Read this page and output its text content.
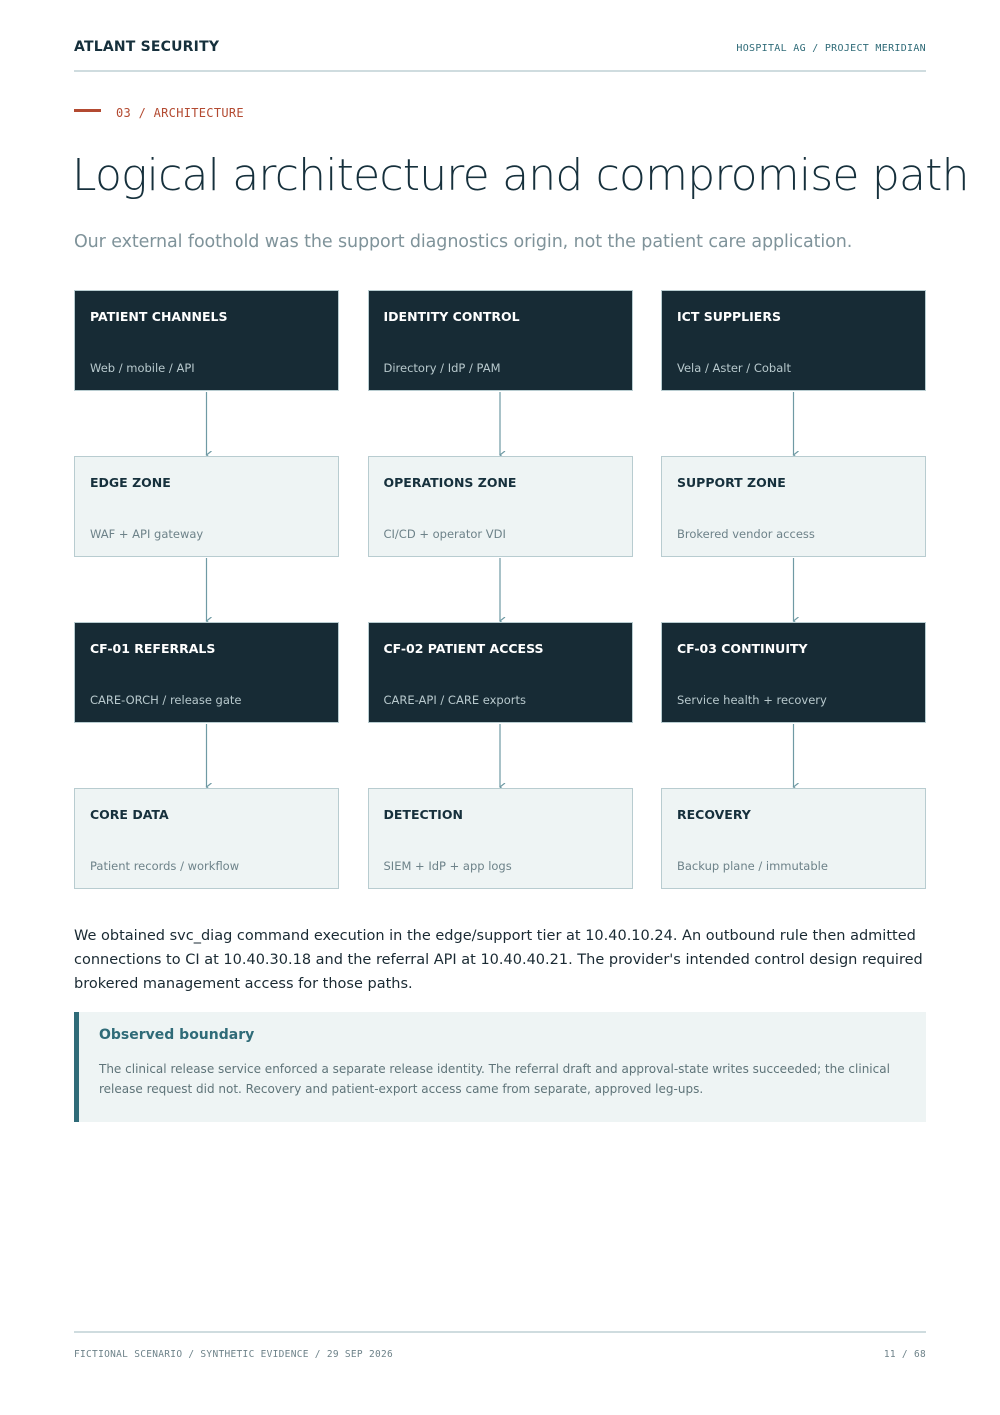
ATLANT SECURITY	HOSPITAL AG / PROJECT MERIDIAN
03 / ARCHITECTURE
Logical architecture and compromise path
Our external foothold was the support diagnostics origin, not the patient care application.
PATIENT CHANNELS
Web / mobile / API
EDGE ZONE
WAF + API gateway
CF-01 REFERRALS
CARE-ORCH / release gate
CORE DATA
Patient records / workflow
IDENTITY CONTROL
Directory / IdP / PAM
OPERATIONS ZONE
CI/CD + operator VDI
CF-02 PATIENT ACCESS
CARE-API / CARE exports
DETECTION
SIEM + IdP + app logs
ICT SUPPLIERS
Vela / Aster / Cobalt
SUPPORT ZONE
Brokered vendor access
CF-03 CONTINUITY
Service health + recovery
RECOVERY
Backup plane / immutable

We obtained svc_diag command execution in the edge/support tier at 10.40.10.24. An outbound rule then admitted connections to CI at 10.40.30.18 and the referral API at 10.40.40.21. The provider's intended control design required brokered management access for those paths.

Observed boundary
The clinical release service enforced a separate release identity. The referral draft and approval-state writes succeeded; the clinical release request did not. Recovery and patient-export access came from separate, approved leg-ups.
FICTIONAL SCENARIO / SYNTHETIC EVIDENCE / 29 SEP 2026	11 / 68
